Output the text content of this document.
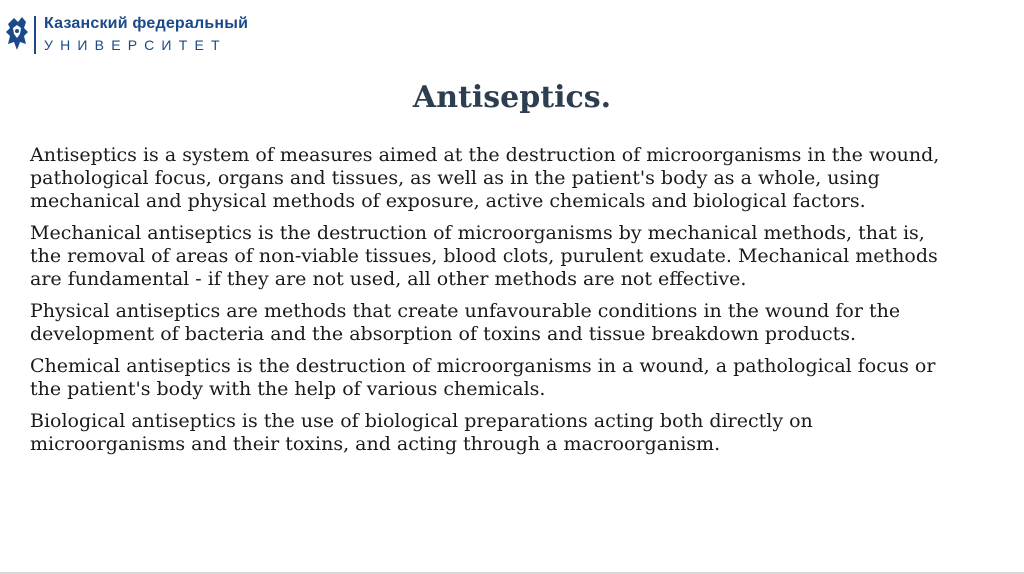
Казанский федеральный
УНИВЕРСИТЕТ
Antiseptics.

Antiseptics is a system of measures aimed at the destruction of microorganisms in the wound, pathological focus, organs and tissues, as well as in the patient's body as a whole, using mechanical and physical methods of exposure, active chemicals and biological factors.

Mechanical antiseptics is the destruction of microorganisms by mechanical methods, that is, the removal of areas of non-viable tissues, blood clots, purulent exudate. Mechanical methods are fundamental - if they are not used, all other methods are not effective.

Physical antiseptics are methods that create unfavourable conditions in the wound for the development of bacteria and the absorption of toxins and tissue breakdown products.

Chemical antiseptics is the destruction of microorganisms in a wound, a pathological focus or the patient's body with the help of various chemicals.

Biological antiseptics is the use of biological preparations acting both directly on microorganisms and their toxins, and acting through a macroorganism.
